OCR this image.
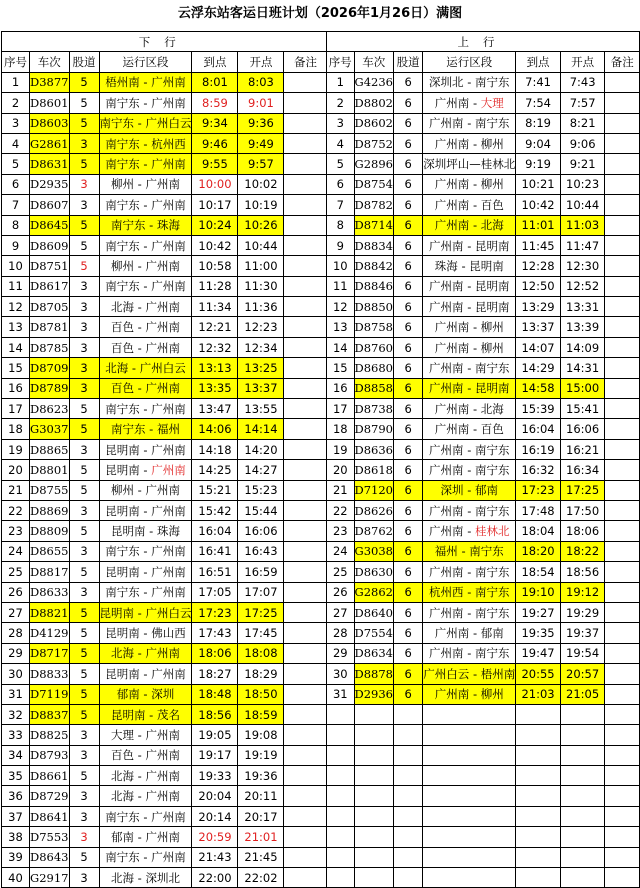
云浮东站客运日班计划（2026年1月26日）满图
下行						
序号	车次	股道	运行区段	到点	开点	备注
1	D3877	5	梧州南 - 广州南	8:01	8:03	
2	D8601	5	南宁东 - 广州南	8:59	9:01	
3	D8603	5	南宁东 - 广州白云	9:34	9:36	
4	G2861	3	南宁东 - 杭州西	9:46	9:49	
5	D8631	5	南宁东 - 广州南	9:55	9:57	
6	D2935	3	柳州 - 广州南	10:00	10:02	
7	D8607	3	南宁东 - 广州南	10:17	10:19	
8	D8645	5	南宁东 - 珠海	10:24	10:26	
9	D8609	5	南宁东 - 广州南	10:42	10:44	
10	D8751	5	柳州 - 广州南	10:58	11:00	
11	D8617	3	南宁东 - 广州南	11:28	11:30	
12	D8705	3	北海 - 广州南	11:34	11:36	
13	D8781	3	百色 - 广州南	12:21	12:23	
14	D8785	3	百色 - 广州南	12:32	12:34	
15	D8709	3	北海 - 广州白云	13:13	13:25	
16	D8789	3	百色 - 广州南	13:35	13:37	
17	D8623	5	南宁东 - 广州南	13:47	13:55	
18	G3037	5	南宁东 - 福州	14:06	14:14	
19	D8865	3	昆明南 - 广州南	14:18	14:20	
20	D8801	5	昆明南 - 广州南	14:25	14:27	
21	D8755	5	柳州 - 广州南	15:21	15:23	
22	D8869	3	昆明南 - 广州南	15:42	15:44	
23	D8809	5	昆明南 - 珠海	16:04	16:06	
24	D8655	3	南宁东 - 广州南	16:41	16:43	
25	D8817	5	昆明南 - 广州南	16:51	16:59	
26	D8633	3	南宁东 - 广州南	17:05	17:07	
27	D8821	5	昆明南 - 广州白云	17:23	17:25	
28	D4129	5	昆明南 - 佛山西	17:43	17:45	
29	D8717	5	北海 - 广州南	18:06	18:08	
30	D8833	5	昆明南 - 广州南	18:27	18:29	
31	D7119	5	郁南 - 深圳	18:48	18:50	
32	D8837	5	昆明南 - 茂名	18:56	18:59	
33	D8825	3	大理 - 广州南	19:05	19:08	
34	D8793	3	百色 - 广州南	19:17	19:19	
35	D8661	5	北海 - 广州南	19:33	19:36	
36	D8729	3	北海 - 广州南	20:04	20:11	
37	D8641	3	南宁东 - 广州南	20:14	20:17	
38	D7553	3	郁南 - 广州南	20:59	21:01	
39	D8643	5	南宁东 - 广州南	21:43	21:45	
40	G2917	3	北海 - 深圳北	22:00	22:02	
上行						
序号	车次	股道	运行区段	到点	开点	备注
1	G4236	6	深圳北 - 南宁东	7:41	7:43	
2	D8802	6	广州南 - 大理	7:54	7:57	
3	D8602	6	广州南 - 南宁东	8:19	8:21	
4	D8752	6	广州南 - 柳州	9:04	9:06	
5	G2896	6	深圳坪山—桂林北	9:19	9:21	
6	D8754	6	广州南 - 柳州	10:21	10:23	
7	D8782	6	广州南 - 百色	10:42	10:44	
8	D8714	6	广州南 - 北海	11:01	11:03	
9	D8834	6	广州南 - 昆明南	11:45	11:47	
10	D8842	6	珠海 - 昆明南	12:28	12:30	
11	D8846	6	广州南 - 昆明南	12:50	12:52	
12	D8850	6	广州南 - 昆明南	13:29	13:31	
13	D8758	6	广州南 - 柳州	13:37	13:39	
14	D8760	6	广州南 - 柳州	14:07	14:09	
15	D8680	6	广州南 - 南宁东	14:29	14:31	
16	D8858	6	广州南 - 昆明南	14:58	15:00	
17	D8738	6	广州南 - 北海	15:39	15:41	
18	D8790	6	广州南 - 百色	16:04	16:06	
19	D8636	6	广州南 - 南宁东	16:19	16:21	
20	D8618	6	广州南 - 南宁东	16:32	16:34	
21	D7120	6	深圳 - 郁南	17:23	17:25	
22	D8626	6	广州南 - 南宁东	17:48	17:50	
23	D8762	6	广州南 - 桂林北	18:04	18:06	
24	G3038	6	福州 - 南宁东	18:20	18:22	
25	D8630	6	广州南 - 南宁东	18:54	18:56	
26	G2862	6	杭州西 - 南宁东	19:10	19:12	
27	D8640	6	广州南 - 南宁东	19:27	19:29	
28	D7554	6	广州南 - 郁南	19:35	19:37	
29	D8634	6	广州南 - 南宁东	19:47	19:54	
30	D8878	6	广州白云 - 梧州南	20:55	20:57	
31	D2936	6	广州南 - 柳州	21:03	21:05	
